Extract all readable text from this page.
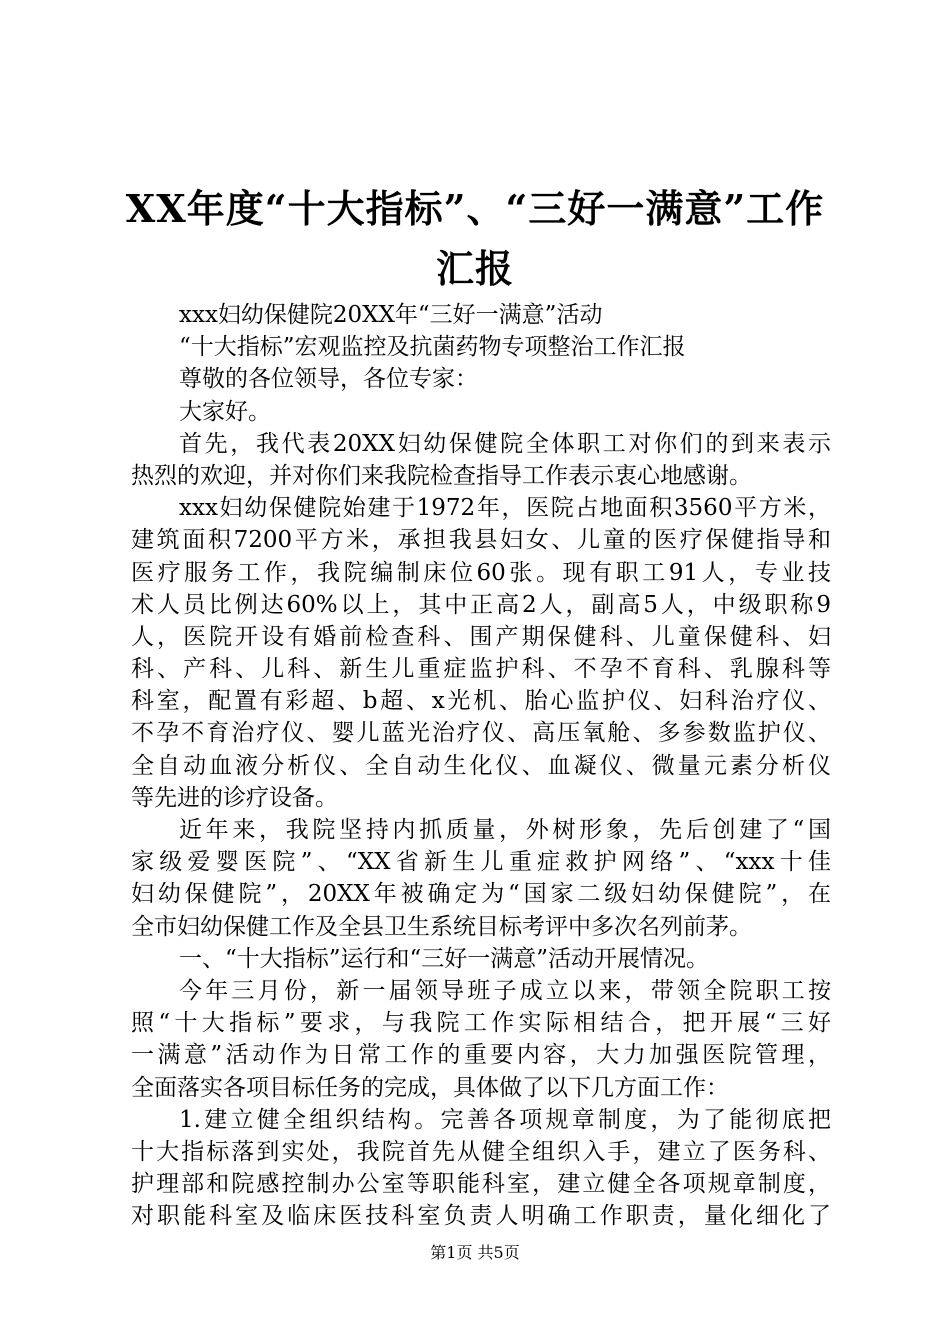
XX年度“十大指标”、“三好一满意”工作
汇报
xxx妇幼保健院20XX年“三好一满意”活动
“十大指标”宏观监控及抗菌药物专项整治工作汇报
尊敬的各位领导，各位专家：
大家好。
首先，我代表20XX妇幼保健院全体职工对你们的到来表示
热烈的欢迎，并对你们来我院检查指导工作表示衷心地感谢。
xxx妇幼保健院始建于1972年，医院占地面积3560平方米，
建筑面积7200平方米，承担我县妇女、儿童的医疗保健指导和
医疗服务工作，我院编制床位60张。现有职工91人，专业技
术人员比例达60%以上，其中正高2人，副高5人，中级职称9
人，医院开设有婚前检查科、围产期保健科、儿童保健科、妇
科、产科、儿科、新生儿重症监护科、不孕不育科、乳腺科等
科室，配置有彩超、b超、x光机、胎心监护仪、妇科治疗仪、
不孕不育治疗仪、婴儿蓝光治疗仪、高压氧舱、多参数监护仪、
全自动血液分析仪、全自动生化仪、血凝仪、微量元素分析仪
等先进的诊疗设备。
近年来，我院坚持内抓质量，外树形象，先后创建了“国
家级爱婴医院”、“XX省新生儿重症救护网络”、“xxx十佳
妇幼保健院”，20XX年被确定为“国家二级妇幼保健院”，在
全市妇幼保健工作及全县卫生系统目标考评中多次名列前茅。
一、“十大指标”运行和“三好一满意”活动开展情况。
今年三月份，新一届领导班子成立以来，带领全院职工按
照“十大指标”要求，与我院工作实际相结合，把开展“三好
一满意”活动作为日常工作的重要内容，大力加强医院管理，
全面落实各项目标任务的完成，具体做了以下几方面工作：
1.建立健全组织结构。完善各项规章制度，为了能彻底把
十大指标落到实处，我院首先从健全组织入手，建立了医务科、
护理部和院感控制办公室等职能科室，建立健全各项规章制度，
对职能科室及临床医技科室负责人明确工作职责，量化细化了
第1页 共5页
